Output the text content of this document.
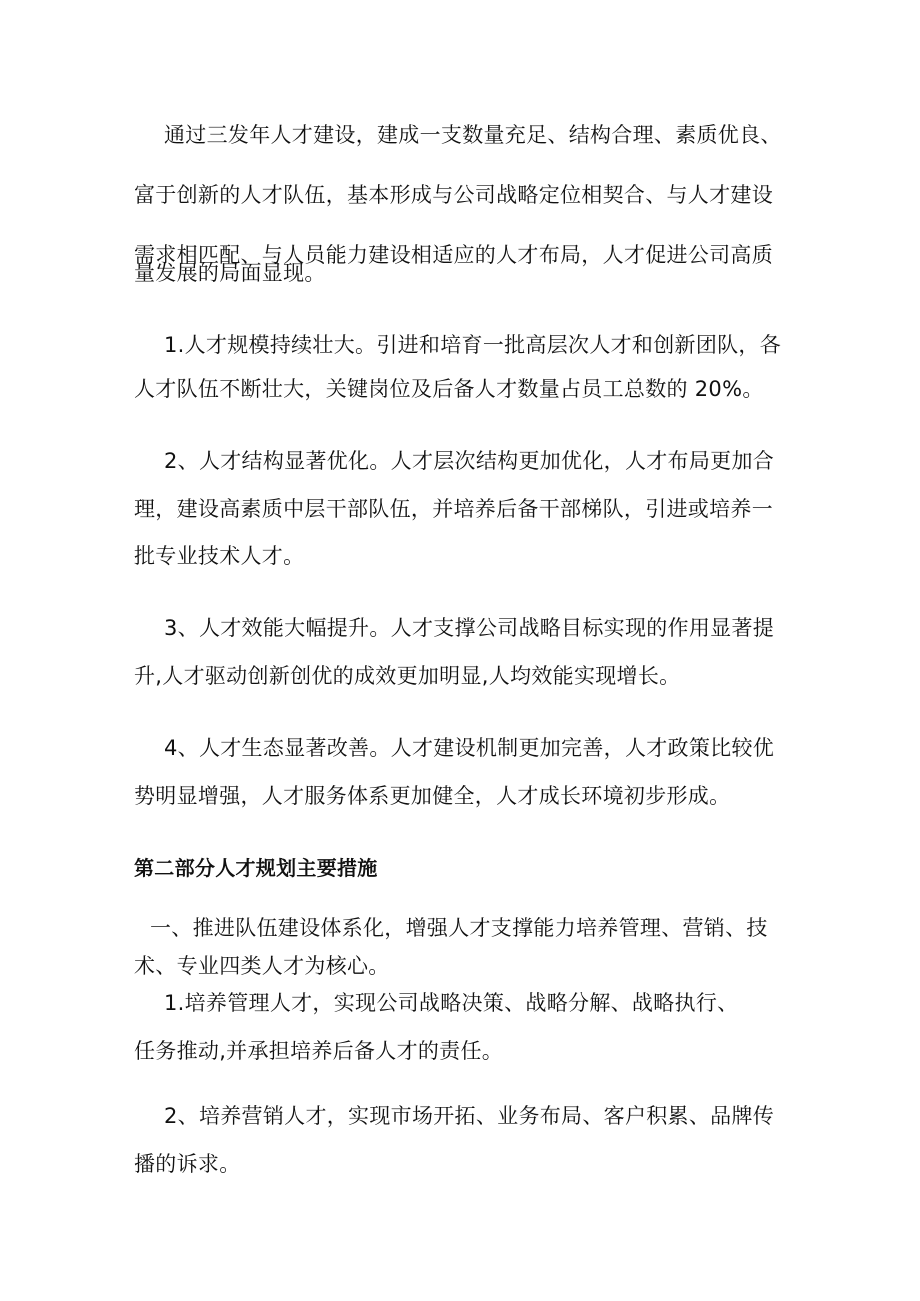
通过三发年人才建设，建成一支数量充足、结构合理、素质优良、
富于创新的人才队伍，基本形成与公司战略定位相契合、与人才建设
需求相匹配、与人员能力建设相适应的人才布局，人才促进公司高质
量发展的局面显现。
1.人才规模持续壮大。引进和培育一批高层次人才和创新团队，各
人才队伍不断壮大，关键岗位及后备人才数量占员工总数的 20%。
2、人才结构显著优化。人才层次结构更加优化，人才布局更加合
理，建设高素质中层干部队伍，并培养后备干部梯队，引进或培养一
批专业技术人才。
3、人才效能大幅提升。人才支撑公司战略目标实现的作用显著提
升,人才驱动创新创优的成效更加明显,人均效能实现增长。
4、人才生态显著改善。人才建设机制更加完善，人才政策比较优
势明显增强，人才服务体系更加健全，人才成长环境初步形成。
第二部分人才规划主要措施
一、推进队伍建设体系化，增强人才支撑能力培养管理、营销、技
术、专业四类人才为核心。
1.培养管理人才，实现公司战略决策、战略分解、战略执行、
任务推动,并承担培养后备人才的责任。
2、培养营销人才，实现市场开拓、业务布局、客户积累、品牌传
播的诉求。
